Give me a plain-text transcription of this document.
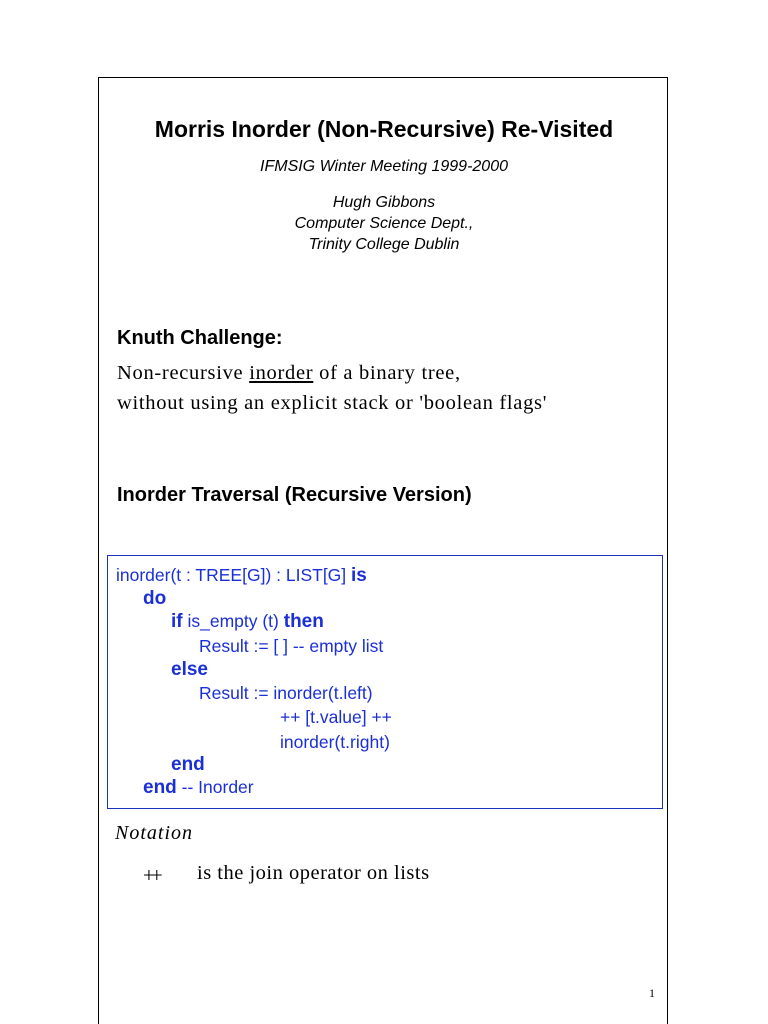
Morris Inorder (Non-Recursive) Re-Visited
IFMSIG Winter Meeting 1999-2000
Hugh Gibbons
Computer Science Dept.,
Trinity College Dublin
Knuth Challenge:
Non-recursive inorder of a binary tree,
without using an explicit stack or 'boolean flags'
Inorder Traversal (Recursive Version)
inorder(t : TREE[G]) : LIST[G] is
do
if is_empty (t) then
Result := [ ] -- empty list
else
Result := inorder(t.left)
++ [t.value] ++
inorder(t.right)
end
end -- Inorder
Notation
++ is the join operator on lists
1
